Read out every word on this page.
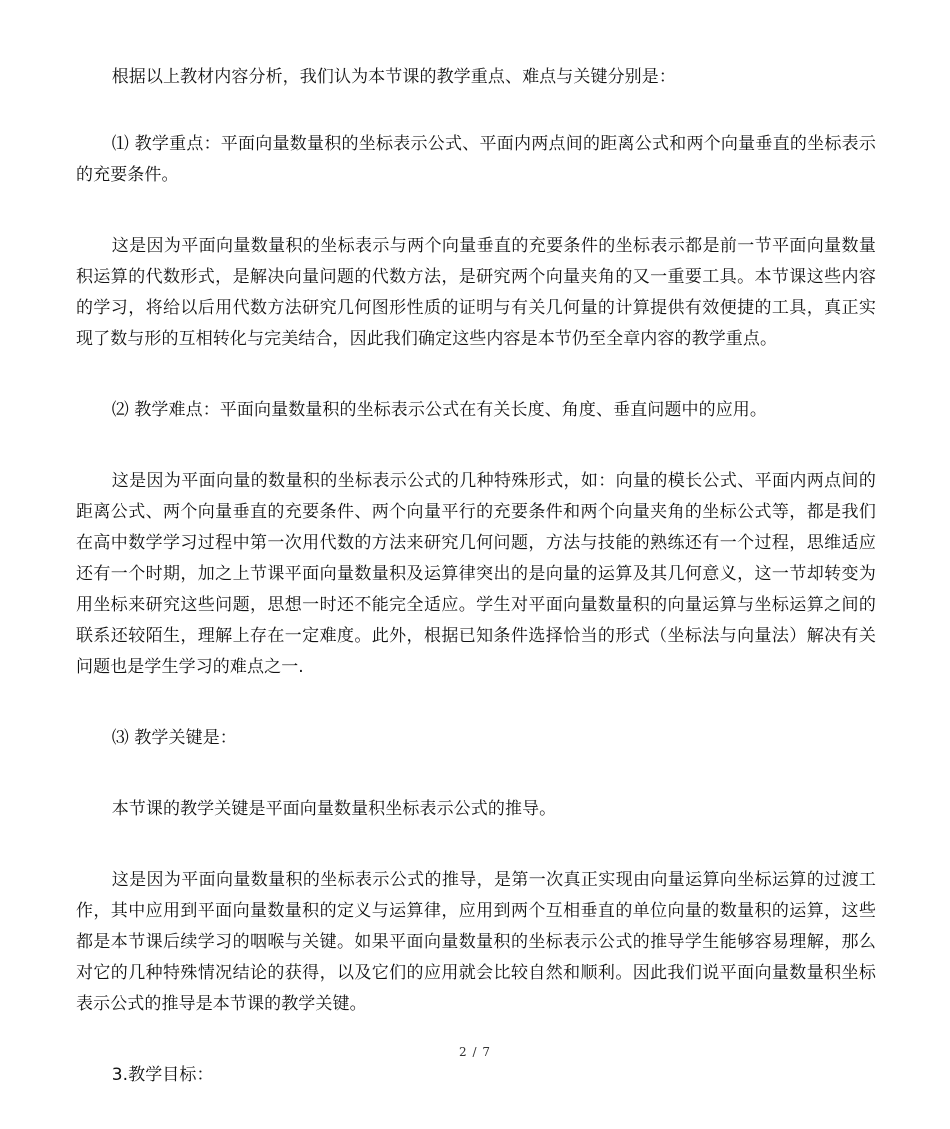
根据以上教材内容分析，我们认为本节课的教学重点、难点与关键分别是：

⑴ 教学重点：平面向量数量积的坐标表示公式、平面内两点间的距离公式和两个向量垂直的坐标表示的充要条件。

这是因为平面向量数量积的坐标表示与两个向量垂直的充要条件的坐标表示都是前一节平面向量数量积运算的代数形式，是解决向量问题的代数方法，是研究两个向量夹角的又一重要工具。本节课这些内容的学习，将给以后用代数方法研究几何图形性质的证明与有关几何量的计算提供有效便捷的工具，真正实现了数与形的互相转化与完美结合，因此我们确定这些内容是本节仍至全章内容的教学重点。

⑵ 教学难点：平面向量数量积的坐标表示公式在有关长度、角度、垂直问题中的应用。

这是因为平面向量的数量积的坐标表示公式的几种特殊形式，如：向量的模长公式、平面内两点间的距离公式、两个向量垂直的充要条件、两个向量平行的充要条件和两个向量夹角的坐标公式等，都是我们在高中数学学习过程中第一次用代数的方法来研究几何问题，方法与技能的熟练还有一个过程，思维适应还有一个时期，加之上节课平面向量数量积及运算律突出的是向量的运算及其几何意义，这一节却转变为用坐标来研究这些问题，思想一时还不能完全适应。学生对平面向量数量积的向量运算与坐标运算之间的联系还较陌生，理解上存在一定难度。此外，根据已知条件选择恰当的形式（坐标法与向量法）解决有关问题也是学生学习的难点之一.

⑶ 教学关键是：

本节课的教学关键是平面向量数量积坐标表示公式的推导。

这是因为平面向量数量积的坐标表示公式的推导，是第一次真正实现由向量运算向坐标运算的过渡工作，其中应用到平面向量数量积的定义与运算律，应用到两个互相垂直的单位向量的数量积的运算，这些都是本节课后续学习的咽喉与关键。如果平面向量数量积的坐标表示公式的推导学生能够容易理解，那么对它的几种特殊情况结论的获得，以及它们的应用就会比较自然和顺利。因此我们说平面向量数量积坐标表示公式的推导是本节课的教学关键。

3.教学目标：

2 / 7
